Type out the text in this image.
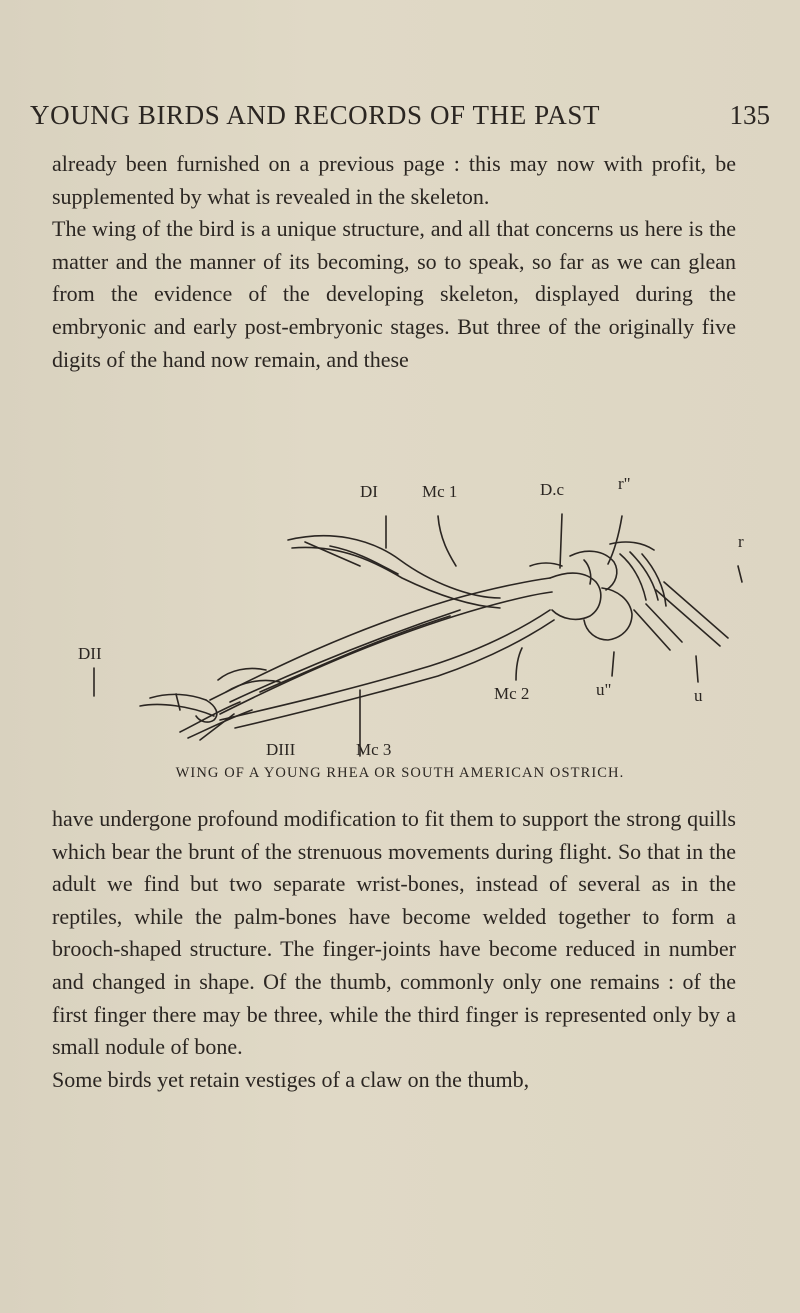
YOUNG BIRDS AND RECORDS OF THE PAST	135

already been furnished on a previous page : this may now with profit, be supplemented by what is revealed in the skeleton.

The wing of the bird is a unique structure, and all that concerns us here is the matter and the manner of its becoming, so to speak, so far as we can glean from the evidence of the developing skeleton, displayed during the embryonic and early post-embryonic stages. But three of the originally five digits of the hand now remain, and these

DI	Mc 1	D.c	r"
r
DII
Mc 2	u"	u
DIII	Mc 3
WING OF A YOUNG RHEA OR SOUTH AMERICAN OSTRICH.

have undergone profound modification to fit them to support the strong quills which bear the brunt of the strenuous movements during flight. So that in the adult we find but two separate wrist-bones, instead of several as in the reptiles, while the palm-bones have become welded together to form a brooch-shaped structure. The finger-joints have become reduced in number and changed in shape. Of the thumb, commonly only one remains : of the first finger there may be three, while the third finger is represented only by a small nodule of bone.

Some birds yet retain vestiges of a claw on the thumb,
